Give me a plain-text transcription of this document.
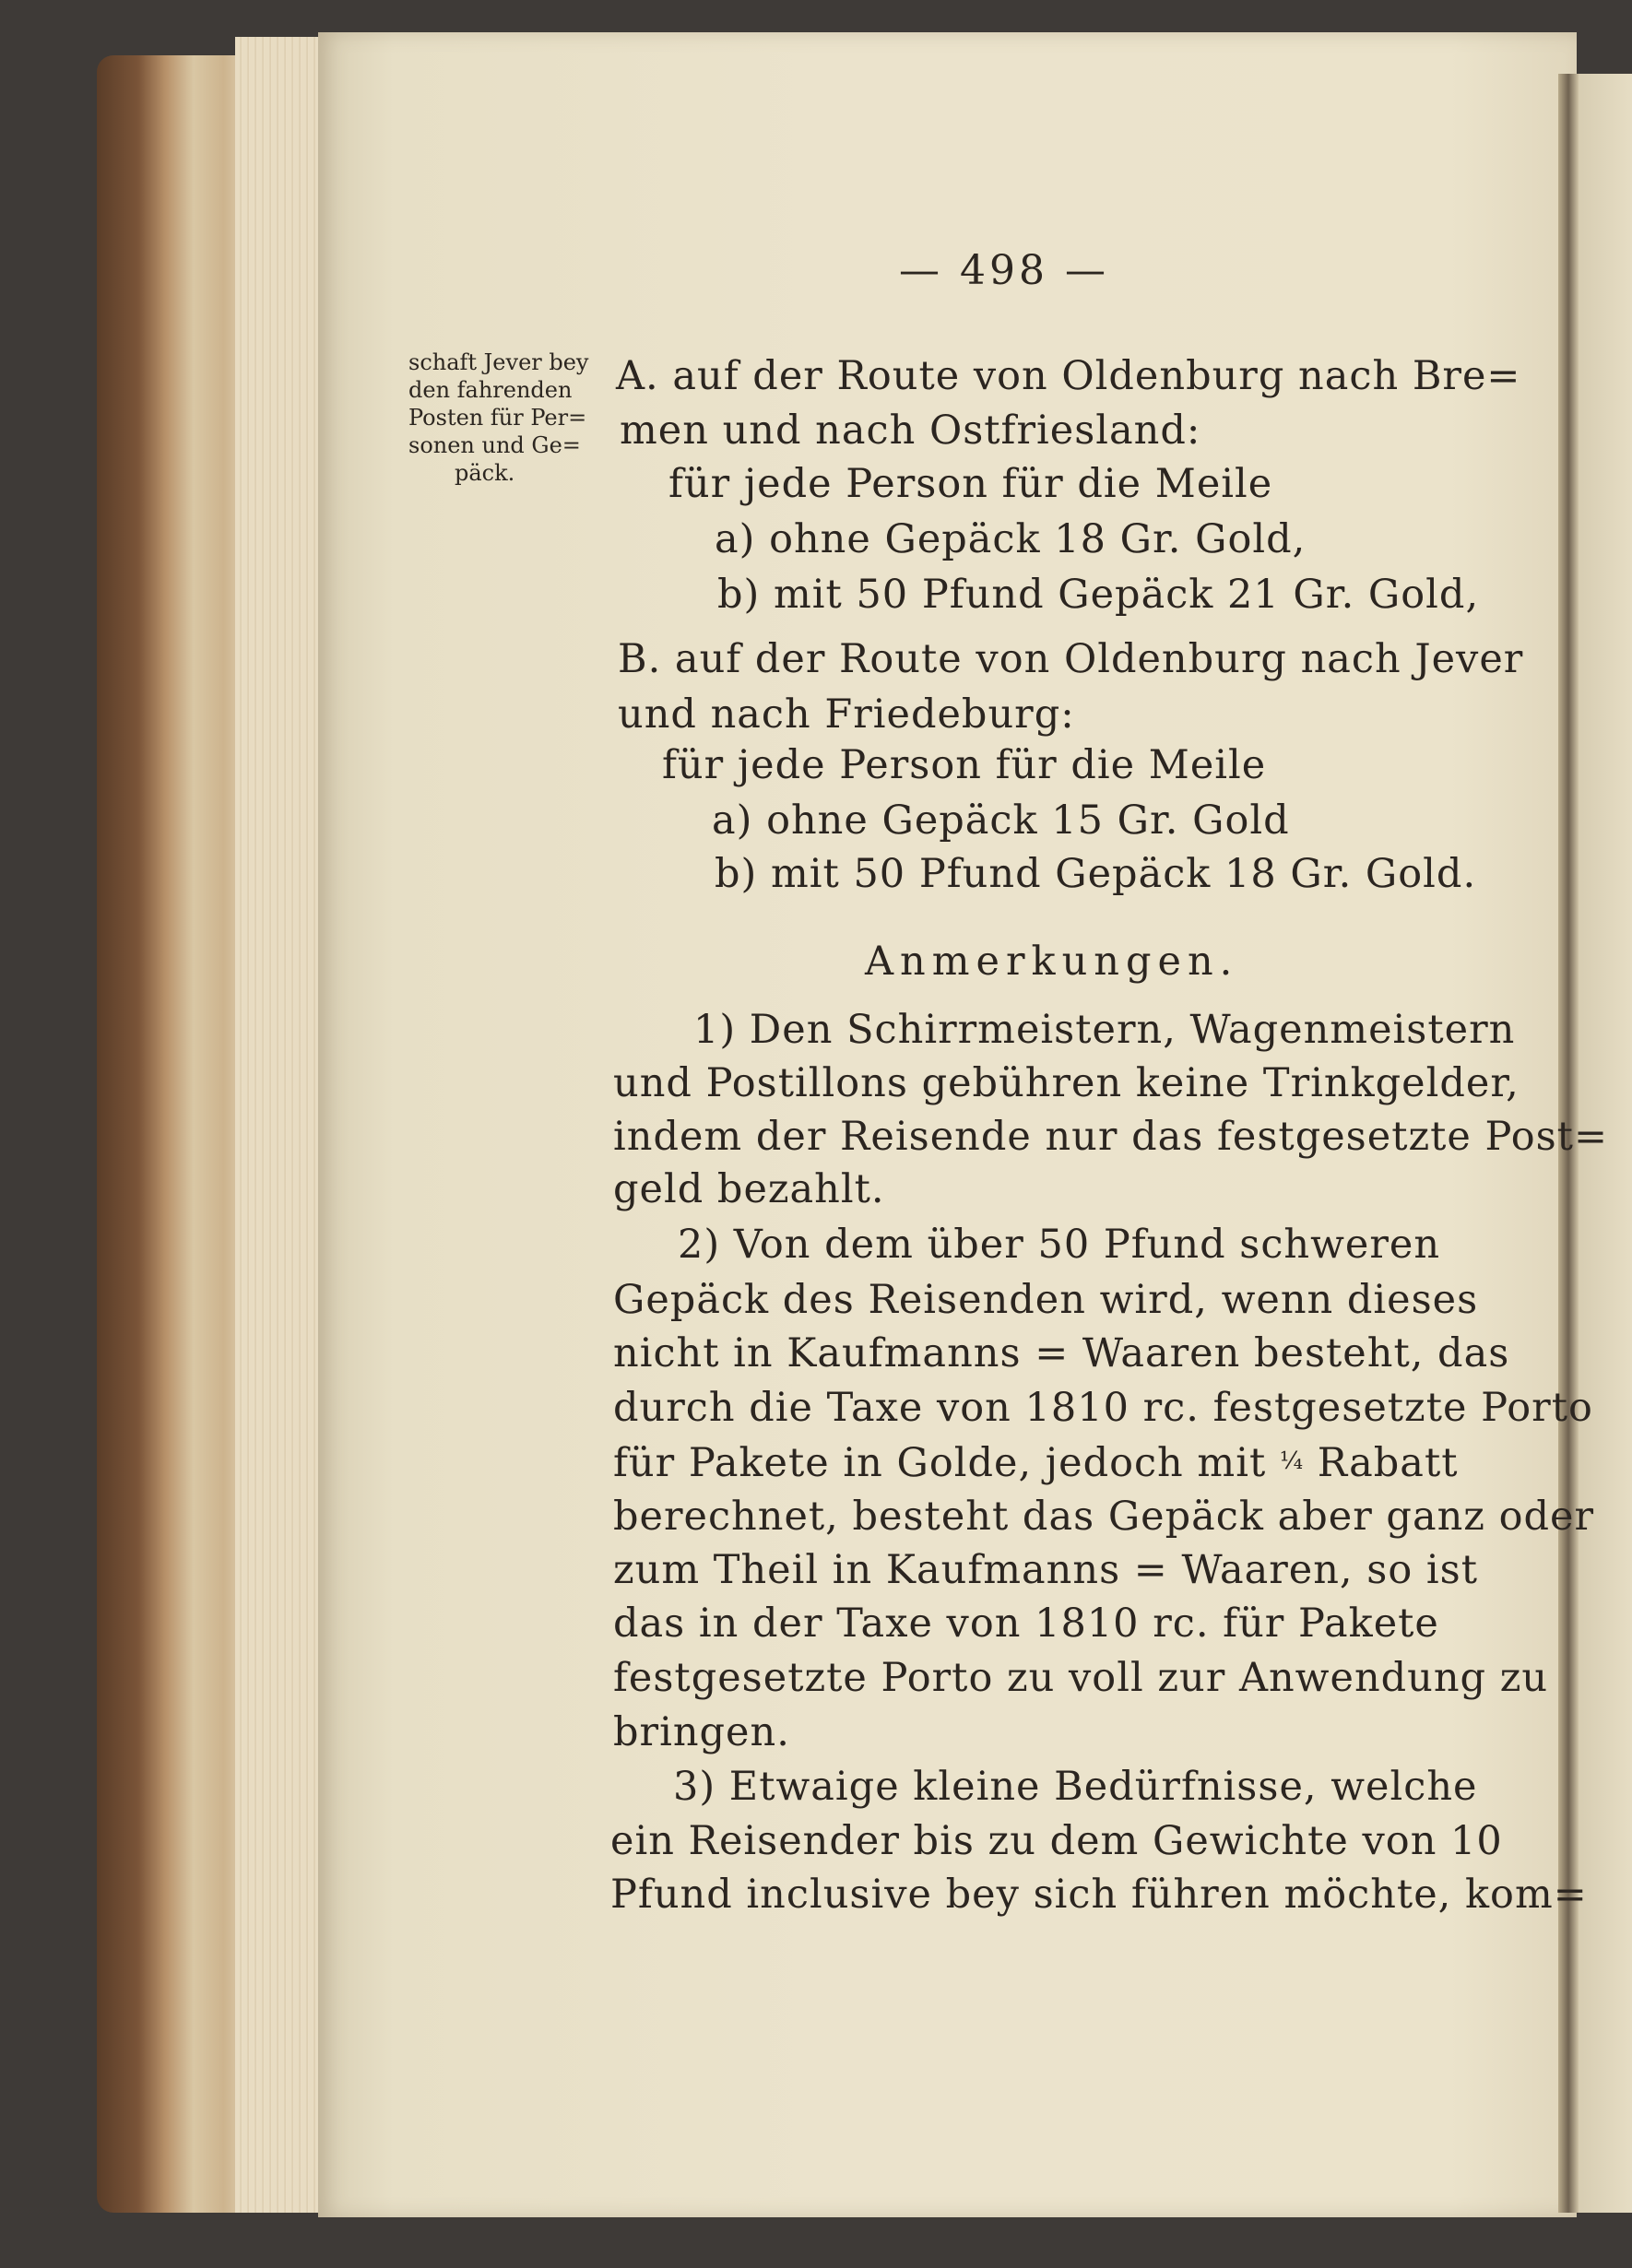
— 498 —
schaft Jever bey
den fahrenden
Posten für Per=
sonen und Ge=
päck.
A. auf der Route von Oldenburg nach Bre=
men und nach Ostfriesland:
für jede Person für die Meile
a) ohne Gepäck 18 Gr. Gold,
b) mit 50 Pfund Gepäck 21 Gr. Gold,
B. auf der Route von Oldenburg nach Jever
und nach Friedeburg:
für jede Person für die Meile
a) ohne Gepäck 15 Gr. Gold
b) mit 50 Pfund Gepäck 18 Gr. Gold.
Anmerkungen.
1) Den Schirrmeistern, Wagenmeistern
und Postillons gebühren keine Trinkgelder,
indem der Reisende nur das festgesetzte Post=
geld bezahlt.
2) Von dem über 50 Pfund schweren
Gepäck des Reisenden wird, wenn dieses
nicht in Kaufmanns = Waaren besteht, das
durch die Taxe von 1810 rc. festgesetzte Porto
für Pakete in Golde, jedoch mit ¼ Rabatt
berechnet, besteht das Gepäck aber ganz oder
zum Theil in Kaufmanns = Waaren, so ist
das in der Taxe von 1810 rc. für Pakete
festgesetzte Porto zu voll zur Anwendung zu
bringen.
3) Etwaige kleine Bedürfnisse, welche
ein Reisender bis zu dem Gewichte von 10
Pfund inclusive bey sich führen möchte, kom=
